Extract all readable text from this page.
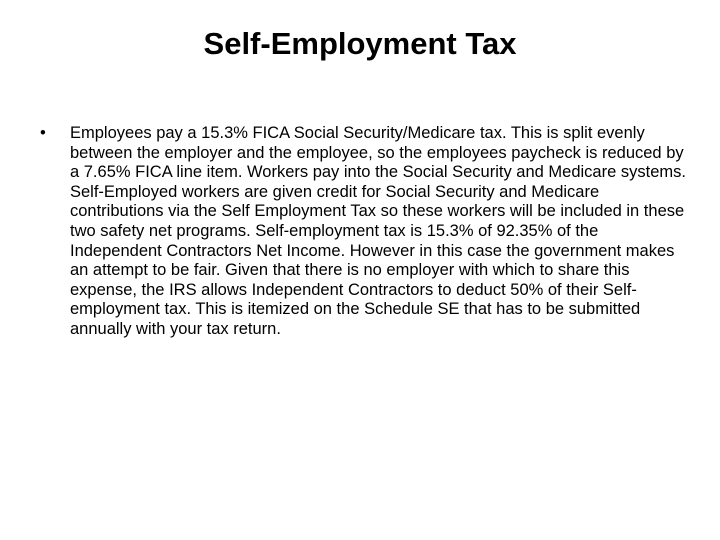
Self-Employment Tax
• Employees pay a 15.3% FICA Social Security/Medicare tax. This is split evenly between the employer and the employee, so the employees paycheck is reduced by a 7.65% FICA line item. Workers pay into the Social Security and Medicare systems. Self-Employed workers are given credit for Social Security and Medicare contributions via the Self Employment Tax so these workers will be included in these two safety net programs. Self-employment tax is 15.3% of 92.35% of the Independent Contractors Net Income. However in this case the government makes an attempt to be fair. Given that there is no employer with which to share this expense, the IRS allows Independent Contractors to deduct 50% of their Self-employment tax. This is itemized on the Schedule SE that has to be submitted annually with your tax return.
